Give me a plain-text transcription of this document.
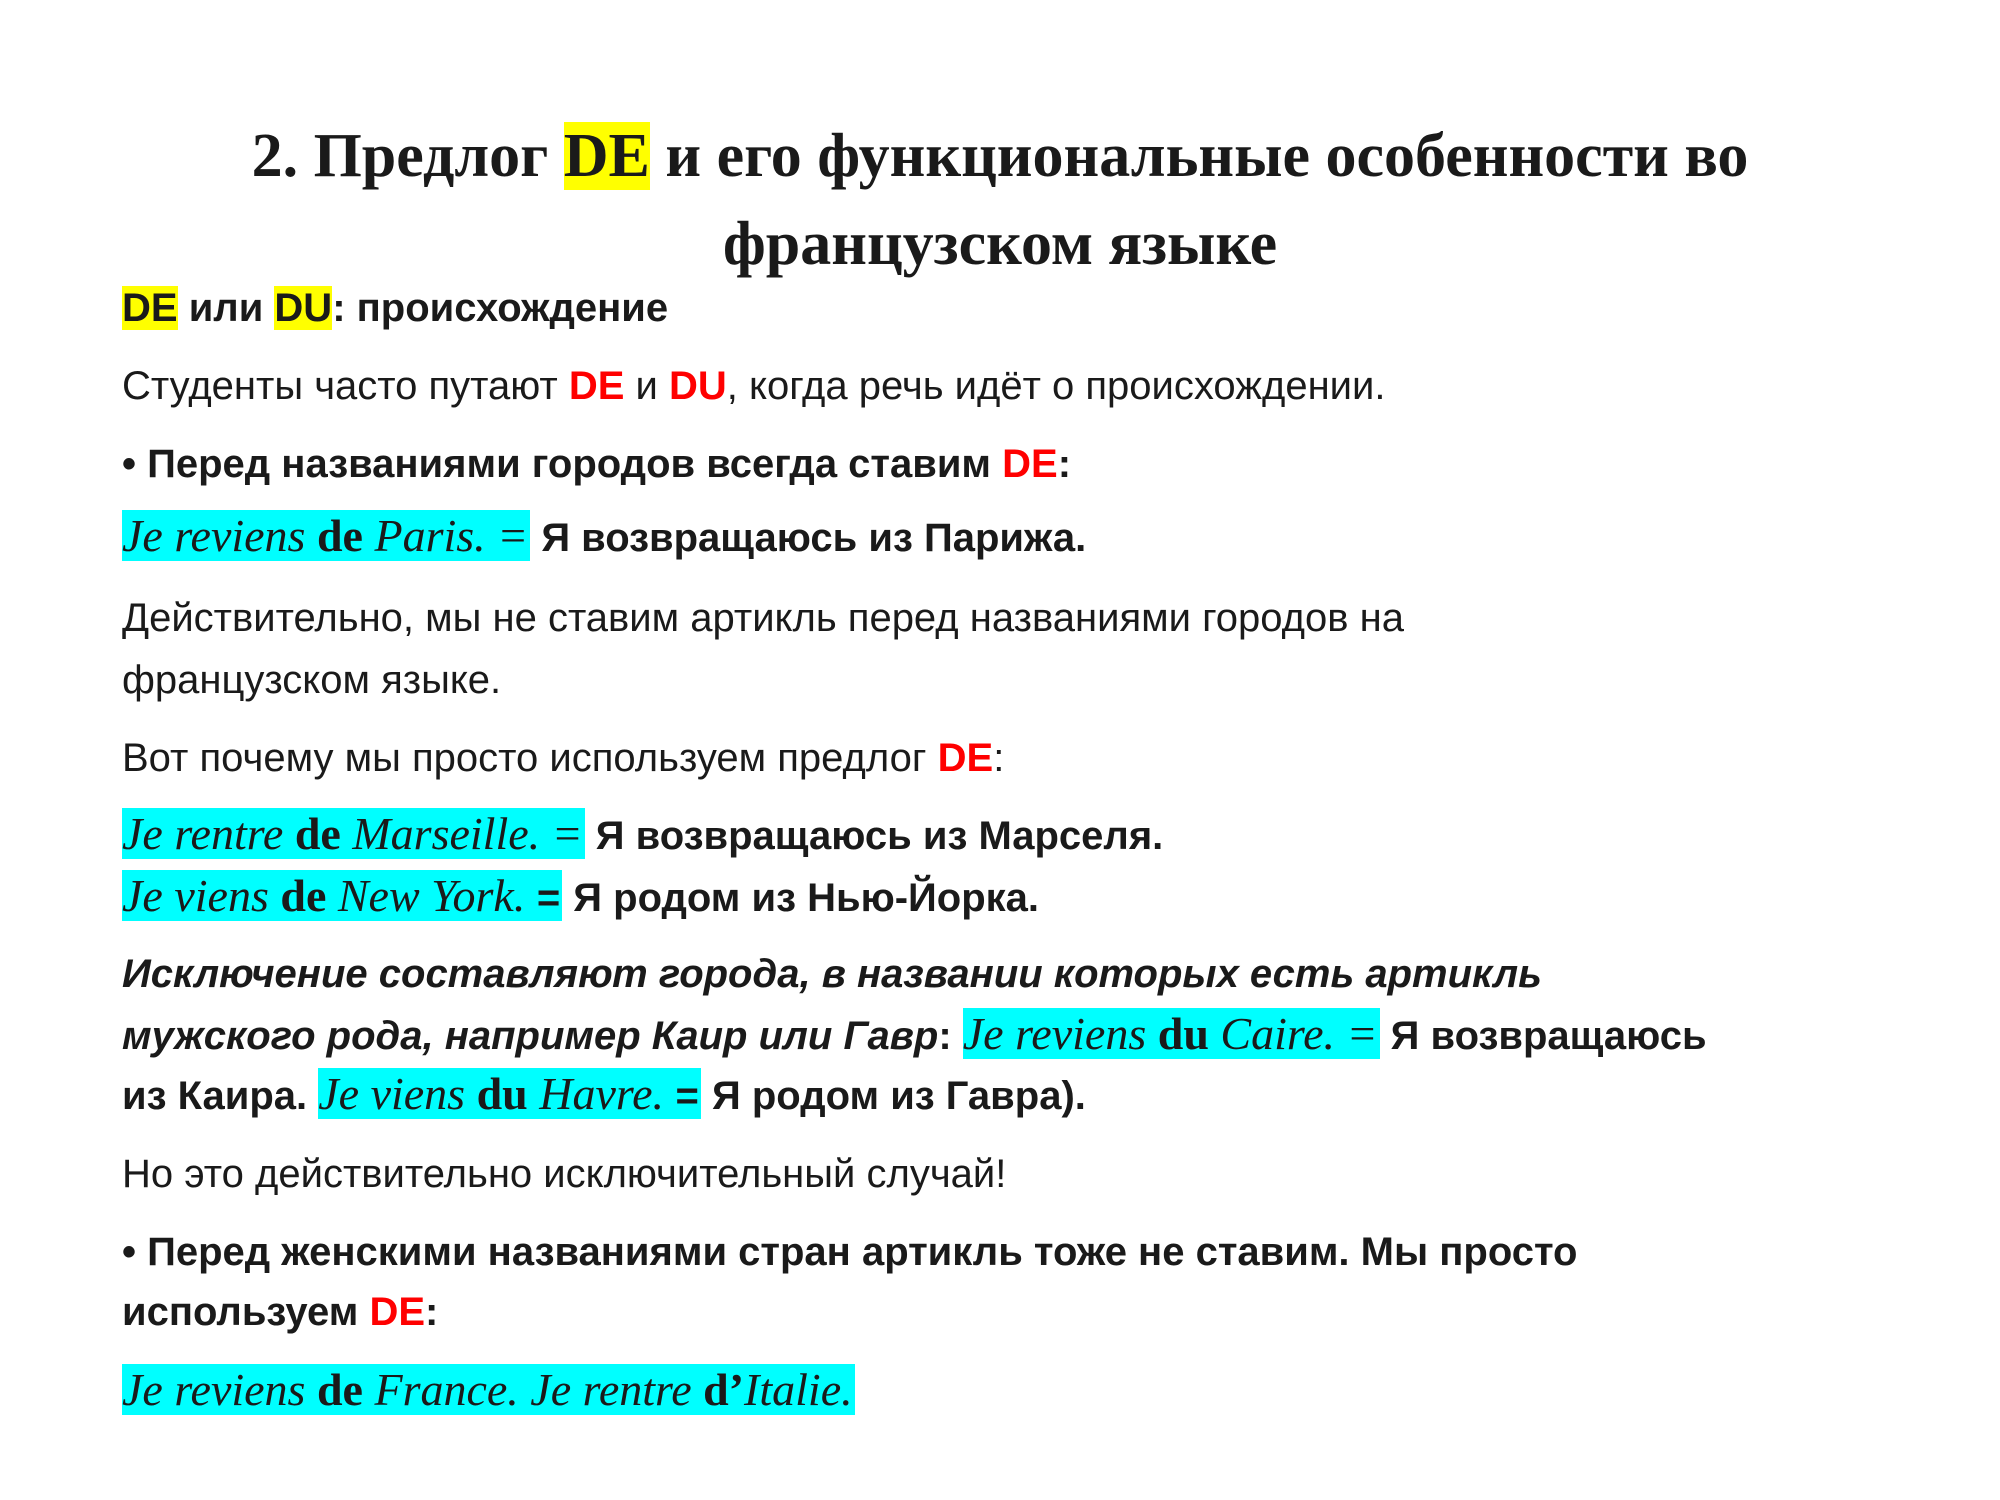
2. Предлог DE и его функциональные особенности во
французском языке
DE или DU: происхождение
Студенты часто путают DE и DU, когда речь идёт о происхождении.
• Перед названиями городов всегда ставим DE:
Je reviens de Paris. = Я возвращаюсь из Парижа.
Действительно, мы не ставим артикль перед названиями городов на
французском языке.
Вот почему мы просто используем предлог DE:
Je rentre de Marseille. = Я возвращаюсь из Марселя.
Je viens de New York. = Я родом из Нью-Йорка.
Исключение составляют города, в названии которых есть артикль
мужского рода, например Каир или Гавр: Je reviens du Caire. = Я возвращаюсь
из Каира. Je viens du Havre. = Я родом из Гавра).
Но это действительно исключительный случай!
• Перед женскими названиями стран артикль тоже не ставим. Мы просто
используем DE:
Je reviens de France. Je rentre d’Italie.
